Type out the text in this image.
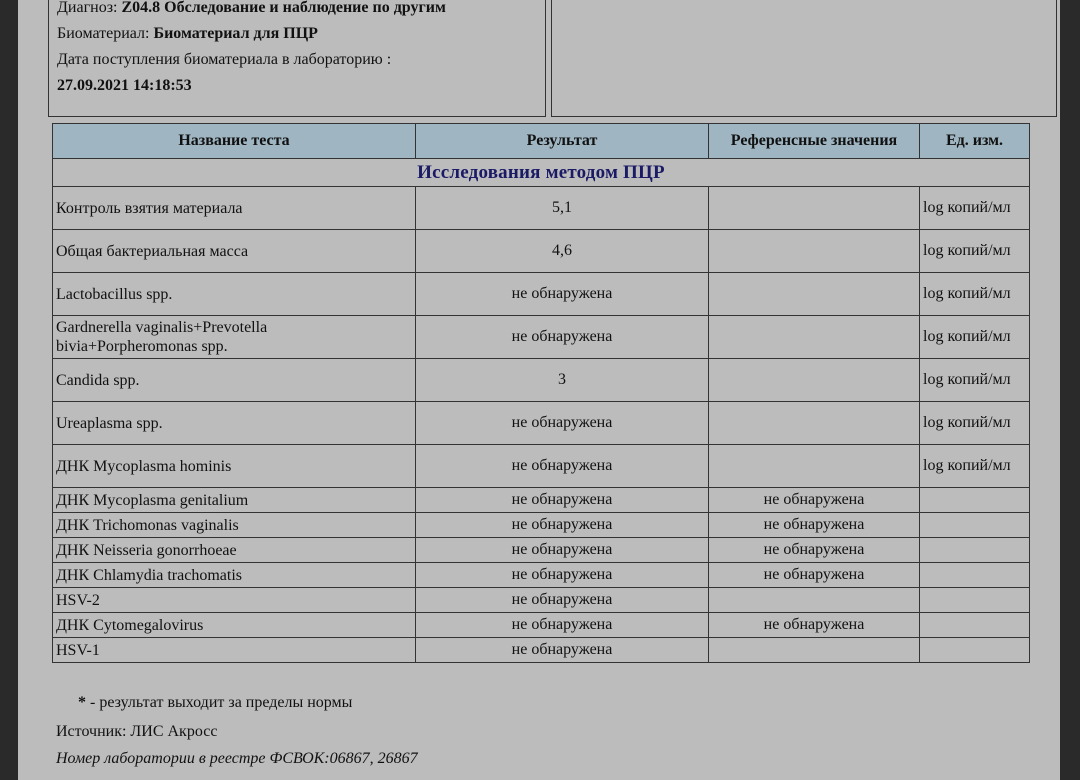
Диагноз: Z04.8 Обследование и наблюдение по другим
Биоматериал: Биоматериал для ПЦР
Дата поступления биоматериала в лабораторию :
27.09.2021 14:18:53
Название теста	Результат	Референсные значения	Ед. изм.
Исследования методом ПЦР			
Контроль взятия материала	5,1		log копий/мл
Общая бактериальная масса	4,6		log копий/мл
Lactobacillus spp.	не обнаружена		log копий/мл
Gardnerella vaginalis+Prevotella bivia+Porpheromonas spp.	не обнаружена		log копий/мл
Candida spp.	3		log копий/мл
Ureaplasma spp.	не обнаружена		log копий/мл
ДНК Mycoplasma hominis	не обнаружена		log копий/мл
ДНК Mycoplasma genitalium	не обнаружена	не обнаружена	
ДНК Trichomonas vaginalis	не обнаружена	не обнаружена	
ДНК Neisseria gonorrhoeae	не обнаружена	не обнаружена	
ДНК Chlamydia trachomatis	не обнаружена	не обнаружена	
HSV-2	не обнаружена		
ДНК Cytomegalovirus	не обнаружена	не обнаружена	
HSV-1	не обнаружена		
* - результат выходит за пределы нормы
Источник: ЛИС Акросс
Номер лаборатории в реестре ФСВОК:06867, 26867
